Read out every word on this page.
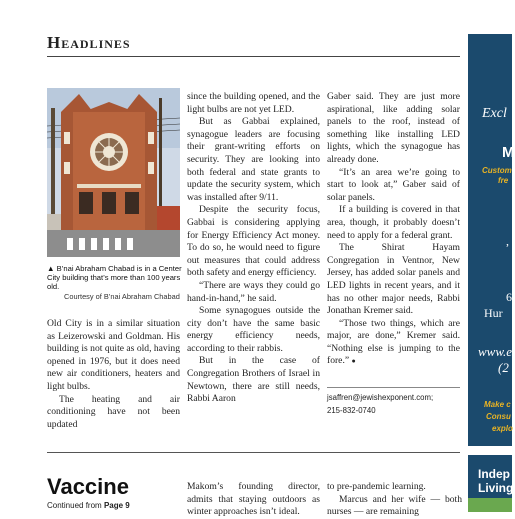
Headlines
▲ B’nai Abraham Chabad is in a Center City building that’s more than 100 years old.
Courtesy of B’nai Abraham Chabad

Old City is in a similar situation as Leizerowski and Goldman. His building is not quite as old, having opened in 1976, but it does need new air conditioners, heaters and light bulbs.

The heating and air conditioning have not been updated

since the building opened, and the light bulbs are not yet LED.

But as Gabbai explained, synagogue leaders are focusing their grant-writing efforts on security. They are looking into both federal and state grants to update the security system, which was installed after 9/11.

Despite the security focus, Gabbai is considering applying for Energy Efficiency Act money. To do so, he would need to figure out measures that could address both safety and energy efficiency.

“There are ways they could go hand-in-hand,” he said.

Some synagogues outside the city don’t have the same basic energy efficiency needs, according to their rabbis.

But in the case of Congregation Brothers of Israel in Newtown, there are still needs, Rabbi Aaron

Gaber said. They are just more aspirational, like adding solar panels to the roof, instead of something like installing LED lights, which the synagogue has already done.

“It’s an area we’re going to start to look at,” Gaber said of solar panels.

If a building is covered in that area, though, it probably doesn’t need to apply for a federal grant.

The Shirat Hayam Congregation in Ventnor, New Jersey, has added solar panels and LED lights in recent years, and it has no other major needs, Rabbi Jonathan Kremer said.

“Those two things, which are major, are done,” Kremer said. “Nothing else is jumping to the fore.” ●

jsaffren@jewishexponent.com;
215-832-0740
Vaccine
Continued from Page 9

Makom’s founding director, admits that staying outdoors as winter approaches isn’t ideal.

to pre-pandemic learning.

Marcus and her wife — both nurses — are remaining

Excl
M
Custom
fre
,
6
Hur
www.e
(2
Make c
Consu
explo
Indep
Living
